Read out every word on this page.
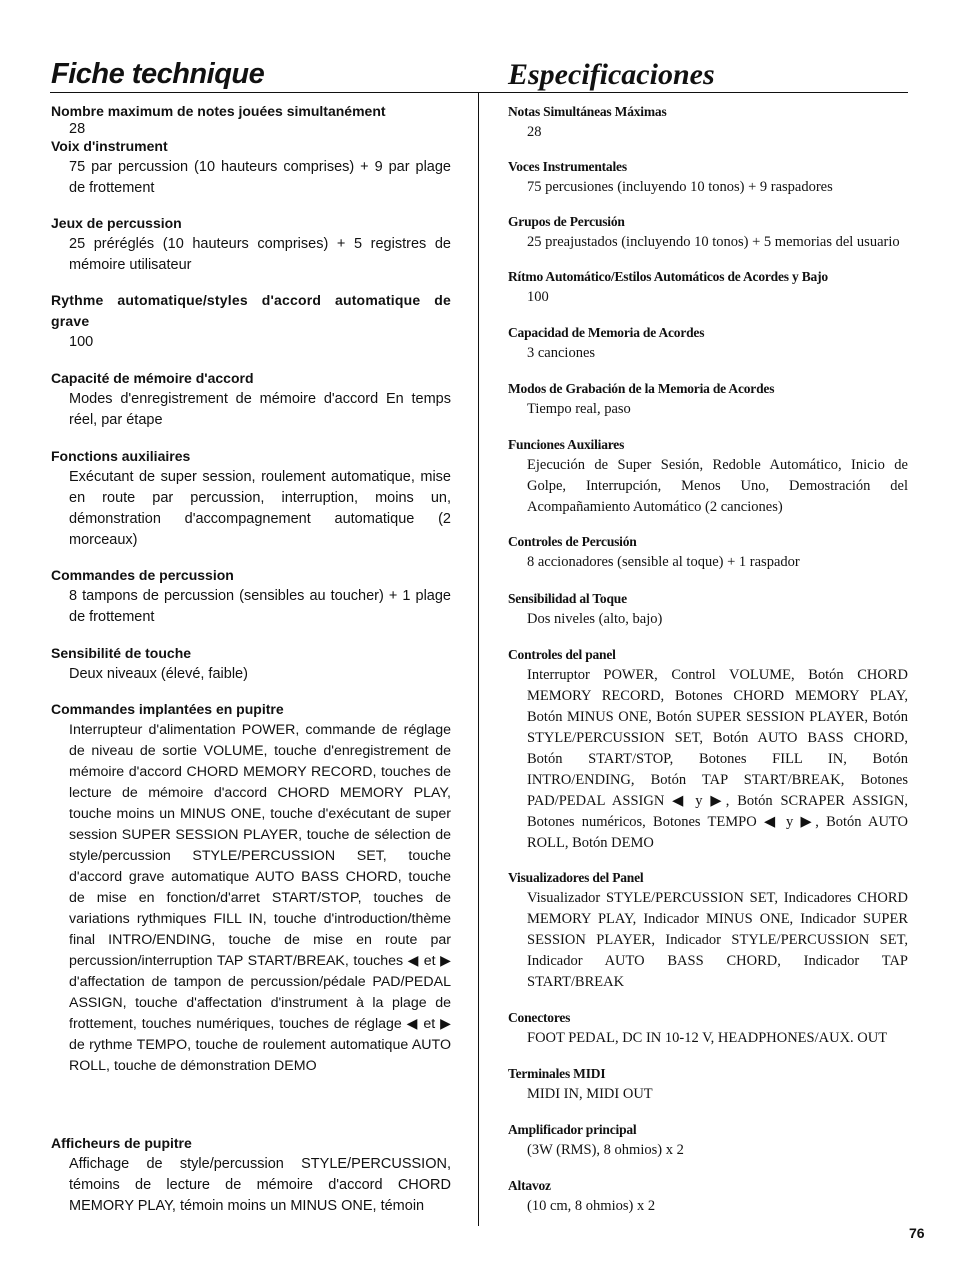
Fiche technique
Nombre maximum de notes jouées simultanément
28
Voix d'instrument
75 par percussion (10 hauteurs comprises) + 9 par plage de frottement
Jeux de percussion
25 préréglés (10 hauteurs comprises) + 5 registres de mémoire utilisateur
Rythme automatique/styles d'accord automatique de grave
100
Capacité de mémoire d'accord
Modes d'enregistrement de mémoire d'accord En temps réel, par étape
Fonctions auxiliaires
Exécutant de super session, roulement automatique, mise en route par percussion, interruption, moins un, démonstration d'accompagnement automatique (2 morceaux)
Commandes de percussion
8 tampons de percussion (sensibles au toucher) + 1 plage de frottement
Sensibilité de touche
Deux niveaux (élevé, faible)
Commandes implantées en pupitre
Interrupteur d'alimentation POWER, commande de réglage de niveau de sortie VOLUME, touche d'enregistrement de mémoire d'accord CHORD MEMORY RECORD, touches de lecture de mémoire d'accord CHORD MEMORY PLAY, touche moins un MINUS ONE, touche d'exécutant de super session SUPER SESSION PLAYER, touche de sélection de style/percussion STYLE/PERCUSSION SET, touche d'accord grave automatique AUTO BASS CHORD, touche de mise en fonction/d'arret START/STOP, touches de variations rythmiques FILL IN, touche d'introduction/thème final INTRO/ENDING, touche de mise en route par percussion/interruption TAP START/BREAK, touches ◀ et ▶ d'affectation de tampon de percussion/pédale PAD/PEDAL ASSIGN, touche d'affectation d'instrument à la plage de frottement, touches numériques, touches de réglage ◀ et ▶ de rythme TEMPO, touche de roulement automatique AUTO ROLL, touche de démonstration DEMO
Afficheurs de pupitre
Affichage de style/percussion STYLE/PERCUSSION, témoins de lecture de mémoire d'accord CHORD MEMORY PLAY, témoin moins un MINUS ONE, témoin
Especificaciones
Notas Simultáneas Máximas
28
Voces Instrumentales
75 percusiones (incluyendo 10 tonos) + 9 raspadores
Grupos de Percusión
25 preajustados (incluyendo 10 tonos) + 5 memorias del usuario
Rítmo Automático/Estilos Automáticos de Acordes y Bajo
100
Capacidad de Memoria de Acordes
3 canciones
Modos de Grabación de la Memoria de Acordes
Tiempo real, paso
Funciones Auxiliares
Ejecución de Super Sesión, Redoble Automático, Inicio de Golpe, Interrupción, Menos Uno, Demostración del Acompañamiento Automático (2 canciones)
Controles de Percusión
8 accionadores (sensible al toque) + 1 raspador
Sensibilidad al Toque
Dos niveles (alto, bajo)
Controles del panel
Interruptor POWER, Control VOLUME, Botón CHORD MEMORY RECORD, Botones CHORD MEMORY PLAY, Botón MINUS ONE, Botón SUPER SESSION PLAYER, Botón STYLE/PERCUSSION SET, Botón AUTO BASS CHORD, Botón START/STOP, Botones FILL IN, Botón INTRO/ENDING, Botón TAP START/BREAK, Botones PAD/PEDAL ASSIGN ◀ y ▶, Botón SCRAPER ASSIGN, Botones numéricos, Botones TEMPO ◀ y ▶, Botón AUTO ROLL, Botón DEMO
Visualizadores del Panel
Visualizador STYLE/PERCUSSION SET, Indicadores CHORD MEMORY PLAY, Indicador MINUS ONE, Indicador SUPER SESSION PLAYER, Indicador STYLE/PERCUSSION SET, Indicador AUTO BASS CHORD, Indicador TAP START/BREAK
Conectores
FOOT PEDAL, DC IN 10-12 V, HEADPHONES/AUX. OUT
Terminales MIDI
MIDI IN, MIDI OUT
Amplificador principal
(3W (RMS), 8 ohmios) x 2
Altavoz
(10 cm, 8 ohmios) x 2
76
